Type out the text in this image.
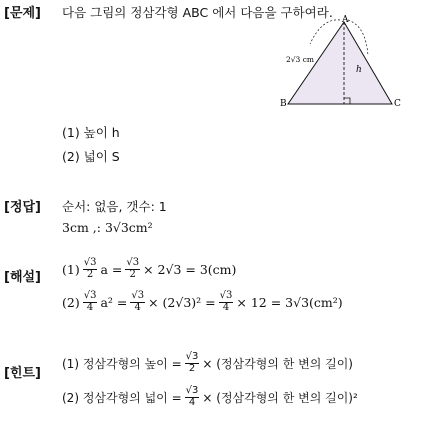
[문제] 다음 그림의 정삼각형 ABC 에서 다음을 구하여라. A
B	C
2√3 cm
h
(1) 높이 h
(2) 넓이 S
[정답] 순서: 없음, 갯수: 1
3cm ,: 3√3cm²
[해설]
$(1) \frac{√3}{2}$ $a = \frac{√3}{2} \times 2√3 = 3(cm)$
$(2) \frac{√3}{4} a^2 = \frac{√3}{4} \times (2√3)^2 = \frac{√3}{4} \times 12 = 3√3(cm^2)$
[힌트]
(1) 정삼각형의 높이 = $\frac{√3}{2}$ × (정삼각형의 한 변의 길이)
(2) 정삼각형의 넓이 = $\frac{√3}{4}$ × (정삼각형의 한 변의 길이)²
